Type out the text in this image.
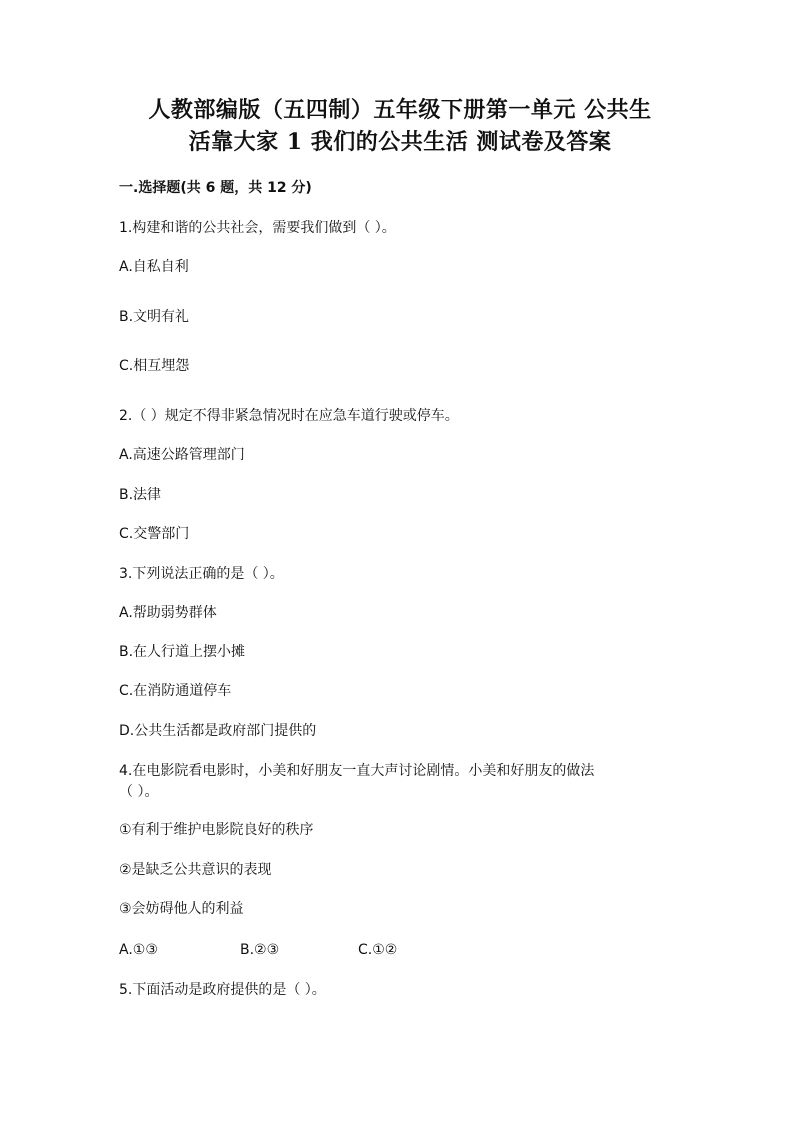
人教部编版（五四制）五年级下册第一单元 公共生
活靠大家 1 我们的公共生活 测试卷及答案

一.选择题(共 6 题，共 12 分)

1.构建和谐的公共社会，需要我们做到（ ）。

A.自私自利

B.文明有礼

C.相互埋怨

2.（ ）规定不得非紧急情况时在应急车道行驶或停车。

A.高速公路管理部门

B.法律

C.交警部门

3.下列说法正确的是（ ）。

A.帮助弱势群体

B.在人行道上摆小摊

C.在消防通道停车

D.公共生活都是政府部门提供的

4.在电影院看电影时，小美和好朋友一直大声讨论剧情。小美和好朋友的做法

（ ）。

①有利于维护电影院良好的秩序

②是缺乏公共意识的表现

③会妨碍他人的利益

A.①③	B.②③	C.①②

5.下面活动是政府提供的是（ ）。
